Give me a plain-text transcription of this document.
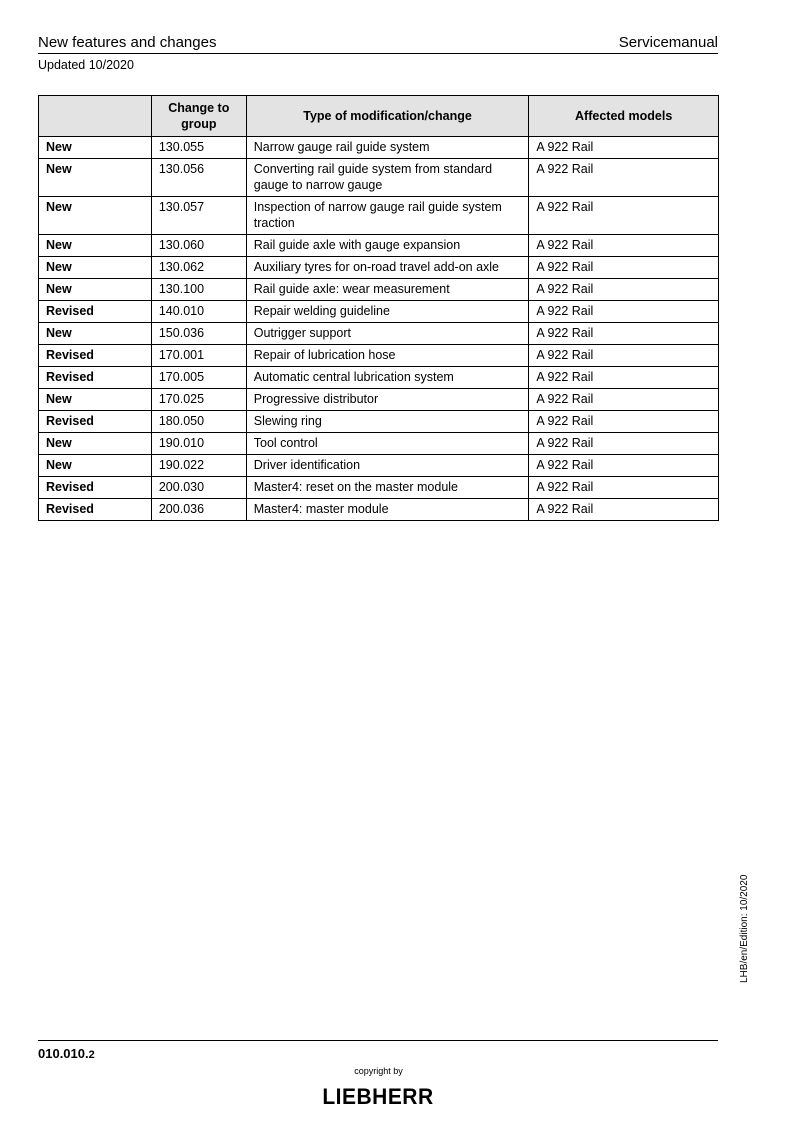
New features and changes	Servicemanual
Updated 10/2020
	Change to group	Type of modification/change	Affected models
New	130.055	Narrow gauge rail guide system	A 922 Rail
New	130.056	Converting rail guide system from standard gauge to narrow gauge	A 922 Rail
New	130.057	Inspection of narrow gauge rail guide system traction	A 922 Rail
New	130.060	Rail guide axle with gauge expansion	A 922 Rail
New	130.062	Auxiliary tyres for on-road travel add-on axle	A 922 Rail
New	130.100	Rail guide axle: wear measurement	A 922 Rail
Revised	140.010	Repair welding guideline	A 922 Rail
New	150.036	Outrigger support	A 922 Rail
Revised	170.001	Repair of lubrication hose	A 922 Rail
Revised	170.005	Automatic central lubrication system	A 922 Rail
New	170.025	Progressive distributor	A 922 Rail
Revised	180.050	Slewing ring	A 922 Rail
New	190.010	Tool control	A 922 Rail
New	190.022	Driver identification	A 922 Rail
Revised	200.030	Master4: reset on the master module	A 922 Rail
Revised	200.036	Master4: master module	A 922 Rail
LHB/en/Edition: 10/2020
010.010.2
copyright by
LIEBHERR
